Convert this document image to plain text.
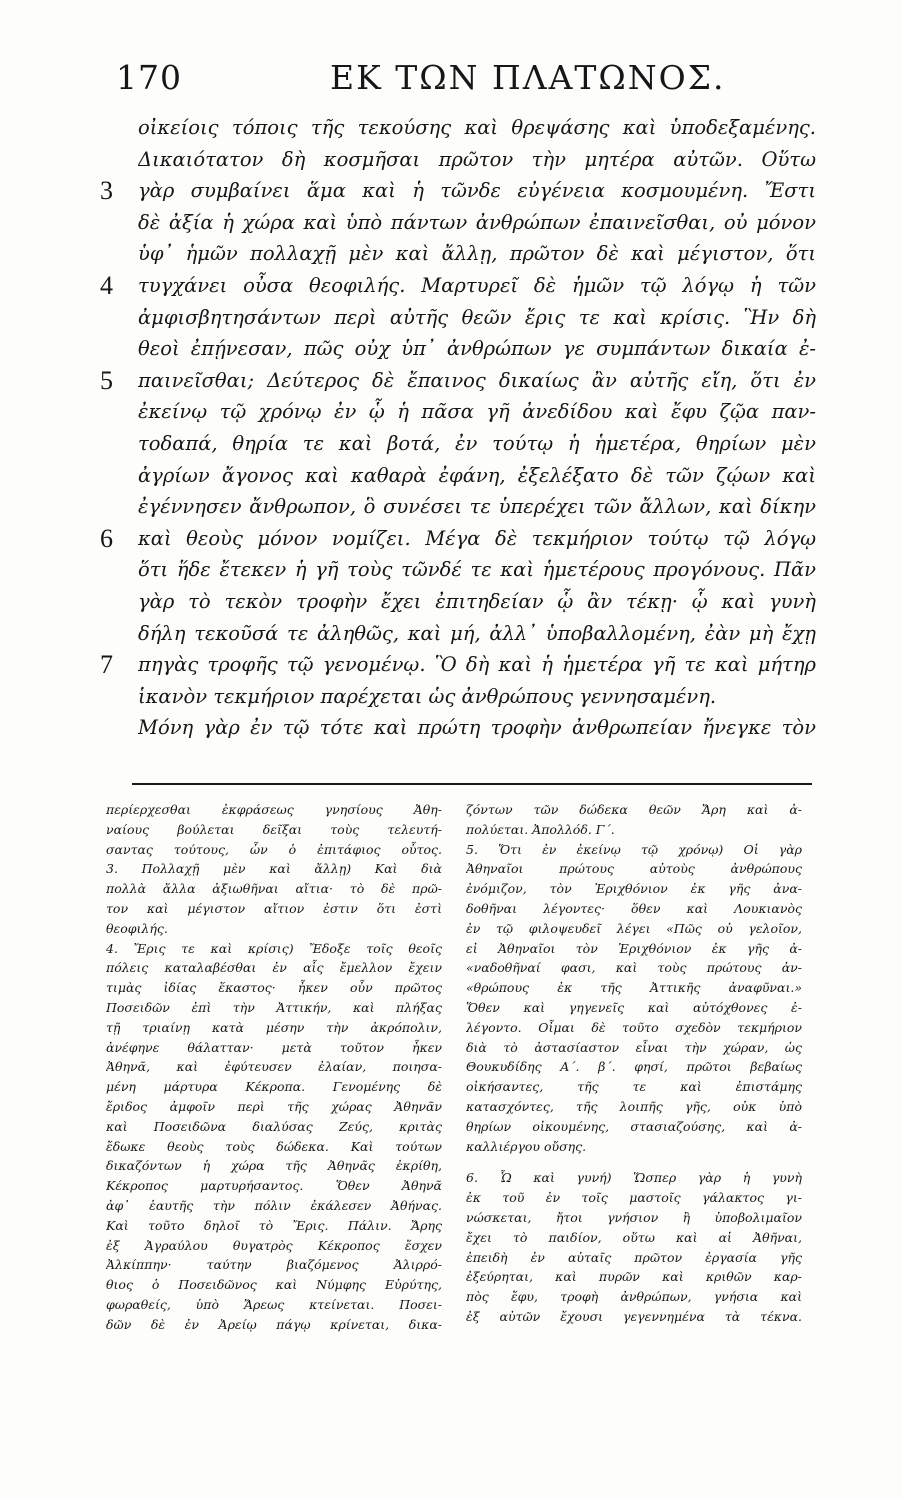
170	ΕΚ ΤΩΝ ΠΛΑΤΩΝΟΣ.
οἰκείοις τόποις τῆς τεκούσης καὶ θρεψάσης καὶ ὑποδεξαμένης.
Δικαιότατον δὴ κοσμῆσαι πρῶτον τὴν μητέρα αὐτῶν. Οὕτω
3	γὰρ συμβαίνει ἅμα καὶ ἡ τῶνδε εὐγένεια κοσμουμένη. Ἔστι
δὲ ἀξία ἡ χώρα καὶ ὑπὸ πάντων ἀνθρώπων ἐπαινεῖσθαι, οὐ μόνον
ὑφ᾽ ἡμῶν πολλαχῇ μὲν καὶ ἄλλῃ, πρῶτον δὲ καὶ μέγιστον, ὅτι
4	τυγχάνει οὖσα θεοφιλής. Μαρτυρεῖ δὲ ἡμῶν τῷ λόγῳ ἡ τῶν
ἀμφισβητησάντων περὶ αὐτῆς θεῶν ἔρις τε καὶ κρίσις. Ἣν δὴ
θεοὶ ἐπῄνεσαν, πῶς οὐχ ὑπ᾽ ἀνθρώπων γε συμπάντων δικαία ἐ-
5	παινεῖσθαι; Δεύτερος δὲ ἔπαινος δικαίως ἂν αὐτῆς εἴη, ὅτι ἐν
ἐκείνῳ τῷ χρόνῳ ἐν ᾧ ἡ πᾶσα γῆ ἀνεδίδου καὶ ἔφυ ζῷα παν-
τοδαπά, θηρία τε καὶ βοτά, ἐν τούτῳ ἡ ἡμετέρα, θηρίων μὲν
ἀγρίων ἄγονος καὶ καθαρὰ ἐφάνη, ἐξελέξατο δὲ τῶν ζῴων καὶ
ἐγέννησεν ἄνθρωπον, ὃ συνέσει τε ὑπερέχει τῶν ἄλλων, καὶ δίκην
6	καὶ θεοὺς μόνον νομίζει. Μέγα δὲ τεκμήριον τούτῳ τῷ λόγῳ
ὅτι ἥδε ἔτεκεν ἡ γῆ τοὺς τῶνδέ τε καὶ ἡμετέρους προγόνους. Πᾶν
γὰρ τὸ τεκὸν τροφὴν ἔχει ἐπιτηδείαν ᾧ ἂν τέκῃ· ᾧ καὶ γυνὴ
δήλη τεκοῦσά τε ἀληθῶς, καὶ μή, ἀλλ᾽ ὑποβαλλομένη, ἐὰν μὴ ἔχῃ
7	πηγὰς τροφῆς τῷ γενομένῳ. Ὃ δὴ καὶ ἡ ἡμετέρα γῆ τε καὶ μήτηρ
ἱκανὸν τεκμήριον παρέχεται ὡς ἀνθρώπους γεννησαμένη.
Μόνη γὰρ ἐν τῷ τότε καὶ πρώτη τροφὴν ἀνθρωπείαν ἤνεγκε τὸν
περίερχεσθαι ἐκφράσεως γνησίους Ἀθη-
ναίους βούλεται δεῖξαι τοὺς τελευτή-
σαντας τούτους, ὧν ὁ ἐπιτάφιος οὗτος.
3. Πολλαχῇ μὲν καὶ ἄλλῃ) Καὶ διὰ
πολλὰ ἄλλα ἀξιωθῆναι αἴτια· τὸ δὲ πρῶ-
τον καὶ μέγιστον αἴτιον ἐστιν ὅτι ἐστὶ
θεοφιλής.
4. Ἔρις τε καὶ κρίσις) Ἔδοξε τοῖς θεοῖς
πόλεις καταλαβέσθαι ἐν αἷς ἔμελλον ἔχειν
τιμὰς ἰδίας ἕκαστος· ἦκεν οὖν πρῶτος
Ποσειδῶν ἐπὶ τὴν Ἀττικήν, καὶ πλήξας
τῇ τριαίνῃ κατὰ μέσην τὴν ἀκρόπολιν,
ἀνέφηνε θάλατταν· μετὰ τοῦτον ἧκεν
Ἀθηνᾶ, καὶ ἐφύτευσεν ἐλαίαν, ποιησα-
μένη μάρτυρα Κέκροπα. Γενομένης δὲ
ἔριδος ἀμφοῖν περὶ τῆς χώρας Ἀθηνᾶν
καὶ Ποσειδῶνα διαλύσας Ζεύς, κριτὰς
ἔδωκε θεοὺς τοὺς δώδεκα. Καὶ τούτων
δικαζόντων ἡ χώρα τῆς Ἀθηνᾶς ἐκρίθη,
Κέκροπος μαρτυρήσαντος. Ὅθεν Ἀθηνᾶ
ἀφ᾽ ἑαυτῆς τὴν πόλιν ἐκάλεσεν Ἀθήνας.
Καὶ τοῦτο δηλοῖ τὸ Ἔρις. Πάλιν. Ἄρης
ἐξ Ἀγραύλου θυγατρὸς Κέκροπος ἔσχεν
Ἀλκίππην· ταύτην βιαζόμενος Ἀλιρρό-
θιος ὁ Ποσειδῶνος καὶ Νύμφης Εὐρύτης,
φωραθείς, ὑπὸ Ἄρεως κτείνεται. Ποσει-
δῶν δὲ ἐν Ἀρείῳ πάγῳ κρίνεται, δικα-
ζόντων τῶν δώδεκα θεῶν Ἄρη καὶ ἀ-
πολύεται. Ἀπολλόδ. Γ΄.
5. Ὅτι ἐν ἐκείνῳ τῷ χρόνῳ) Οἱ γὰρ
Ἀθηναῖοι πρώτους αὐτοὺς ἀνθρώπους
ἐνόμιζον, τὸν Ἐριχθόνιον ἐκ γῆς ἀνα-
δοθῆναι λέγοντες· ὅθεν καὶ Λουκιανὸς
ἐν τῷ φιλοψευδεῖ λέγει «Πῶς οὐ γελοῖον,
εἰ Ἀθηναῖοι τὸν Ἐριχθόνιον ἐκ γῆς ἀ-
«ναδοθῆναί φασι, καὶ τοὺς πρώτους ἀν-
«θρώπους ἐκ τῆς Ἀττικῆς ἀναφῦναι.»
Ὅθεν καὶ γηγενεῖς καὶ αὐτόχθονες ἐ-
λέγοντο. Οἶμαι δὲ τοῦτο σχεδὸν τεκμήριον
διὰ τὸ ἀστασίαστον εἶναι τὴν χώραν, ὡς
Θουκυδίδης Α΄. β΄. φησί, πρῶτοι βεβαίως
οἰκήσαντες, τῆς τε καὶ ἐπιστάμης
κατασχόντες, τῆς λοιπῆς γῆς, οὐκ ὑπὸ
θηρίων οἰκουμένης, στασιαζούσης, καὶ ἀ-
καλλιέργου οὔσης.
6. Ὧ καὶ γυνή) Ὥσπερ γὰρ ἡ γυνὴ
ἐκ τοῦ ἐν τοῖς μαστοῖς γάλακτος γι-
νώσκεται, ἤτοι γνήσιον ἢ ὑποβολιμαῖον
ἔχει τὸ παιδίον, οὕτω καὶ αἱ Ἀθῆναι,
ἐπειδὴ ἐν αὐταῖς πρῶτον ἐργασία γῆς
ἐξεύρηται, καὶ πυρῶν καὶ κριθῶν καρ-
πὸς ἔφυ, τροφὴ ἀνθρώπων, γνήσια καὶ
ἐξ αὐτῶν ἔχουσι γεγεννημένα τὰ τέκνα.
